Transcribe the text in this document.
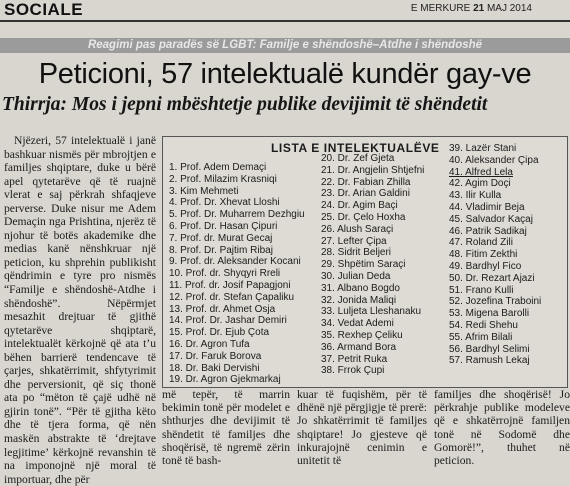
SOCIALE	E MERKURE 21 MAJ 2014
Reagimi pas paradës së LGBT: Familje e shëndoshë–Atdhe i shëndoshë
Peticioni, 57 intelektualë kundër gay-ve
Thirrja: Mos i jepni mbështetje publike devijimit të shëndetit

Njëzeri, 57 intelektualë i janë bashkuar nismës për mbrojtjen e familjes shqiptare, duke u bërë apel qytetarëve që të ruajnë vlerat e saj përkrah shfaqjeve perverse. Duke nisur me Adem Demaçin nga Prishtina, njerëz të njohur të botës akademike dhe medias kanë nënshkruar një peticion, ku shprehin publikisht qëndrimin e tyre pro nismës “Familje e shëndoshë-Atdhe i shëndoshë”. Nëpërmjet mesazhit drejtuar të gjithë qytetarëve shqiptarë, intelektualët kërkojnë që ata t’u bëhen barrierë tendencave të çarjes, shkatërrimit, shfytyrimit dhe perversionit, që siç thonë ata po “mëton të çajë udhë në gjirin tonë”. “Për të gjitha këto dhe të tjera forma, që nën maskën abstrakte të ‘drejtave legjitime’ kërkojnë revanshin të na imponojnë një moral të importuar, dhe për

LISTA E INTELEKTUALËVE
1. Prof. Adem Demaçi
2. Prof. Milazim Krasniqi
3. Kim Mehmeti
4. Prof. Dr. Xhevat Lloshi
5. Prof. Dr. Muharrem Dezhgiu
6. Prof. Dr. Hasan Çipuri
7. Prof. dr. Murat Gecaj
8. Prof. Dr. Pajtim Ribaj
9. Prof. dr. Aleksander Kocani
10. Prof. dr. Shyqyri Rreli
11. Prof. dr. Josif Papagjoni
12. Prof. dr. Stefan Çapaliku
13. Prof. dr. Ahmet Osja
14. Prof. Dr. Jashar Demiri
15. Prof. Dr. Ejub Çota
16. Dr. Agron Tufa
17. Dr. Faruk Borova
18. Dr. Baki Dervishi
19. Dr. Agron Gjekmarkaj
20. Dr. Zef Gjeta
21. Dr. Angjelin Shtjefni
22. Dr. Fabian Zhilla
23. Dr. Arian Galdini
24. Dr. Agim Baçi
25. Dr. Çelo Hoxha
26. Alush Saraçi
27. Lefter Çipa
28. Sidrit Beljeri
29. Shpëtim Saraçi
30. Julian Deda
31. Albano Bogdo
32. Jonida Maliqi
33. Luljeta Lleshanaku
34. Vedat Ademi
35. Rexhep Çeliku
36. Armand Bora
37. Petrit Ruka
38. Frrok Çupi
39. Lazër Stani
40. Aleksander Çipa
41. Alfred Lela
42. Agim Doçi
43. Ilir Kulla
44. Vladimir Beja
45. Salvador Kaçaj
46. Patrik Sadikaj
47. Roland Zili
48. Fitim Zekthi
49. Bardhyl Fico
50. Dr. Rezart Ajazi
51. Frano Kulli
52. Jozefina Traboini
53. Migena Barolli
54. Redi Shehu
55. Afrim Bilali
56. Bardhyl Selimi
57. Ramush Lekaj

më tepër, të marrin bekimin tonë për modelet e shthurjes dhe devijimit të shëndetit të familjes dhe shoqërisë, të ngremë zërin tonë të bash-

kuar të fuqishëm, për të dhënë një përgjigje të prerë: Jo shkatërrimit të familjes shqiptare! Jo gjesteve që inkurajojnë cenimin e unitetit të

familjes dhe shoqërisë! Jo përkrahje publike modeleve që e shkatërrojnë familjen tonë në Sodomë dhe Gomorë!”, thuhet në peticion.
